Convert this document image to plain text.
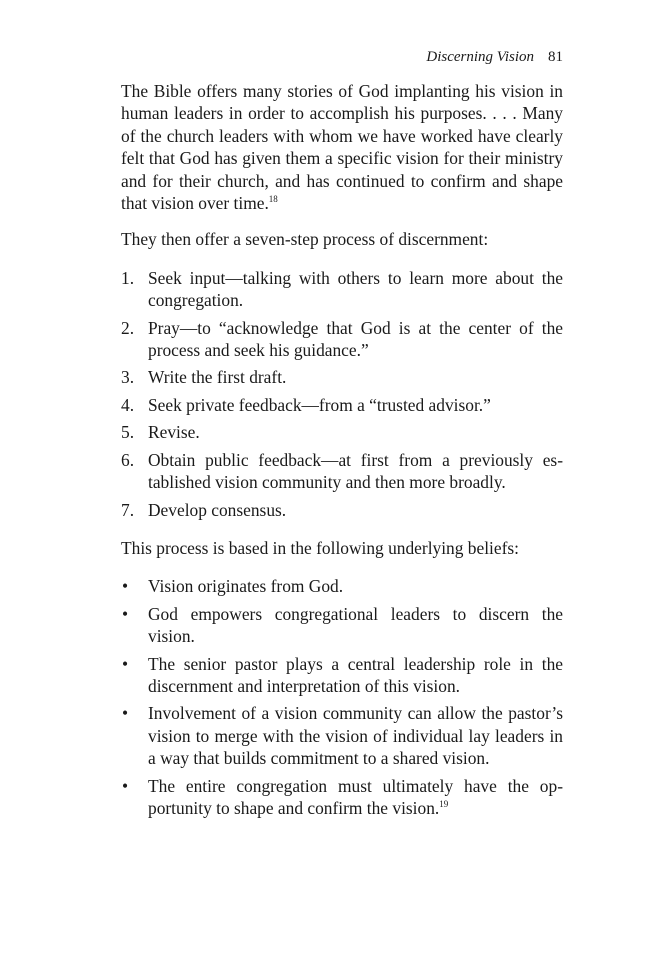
Discerning Vision 81

The Bible offers many stories of God implanting his vision in human leaders in order to accomplish his purposes. . . . Many of the church leaders with whom we have worked have clearly felt that God has given them a specific vision for their ministry and for their church, and has continued to confirm and shape that vision over time.$^{18}$

They then offer a seven-step process of discernment:

1. Seek input—talking with others to learn more about the congregation.
2. Pray—to “acknowledge that God is at the center of the process and seek his guidance.”
3. Write the first draft.
4. Seek private feedback—from a “trusted advisor.”
5. Revise.
6. Obtain public feedback—at first from a previously established vision community and then more broadly.
7. Develop consensus.

This process is based in the following underlying beliefs:

• Vision originates from God.
• God empowers congregational leaders to discern the vision.
• The senior pastor plays a central leadership role in the discernment and interpretation of this vision.
• Involvement of a vision community can allow the pastor’s vision to merge with the vision of individual lay leaders in a way that builds commitment to a shared vision.
• The entire congregation must ultimately have the opportunity to shape and confirm the vision.$^{19}$
